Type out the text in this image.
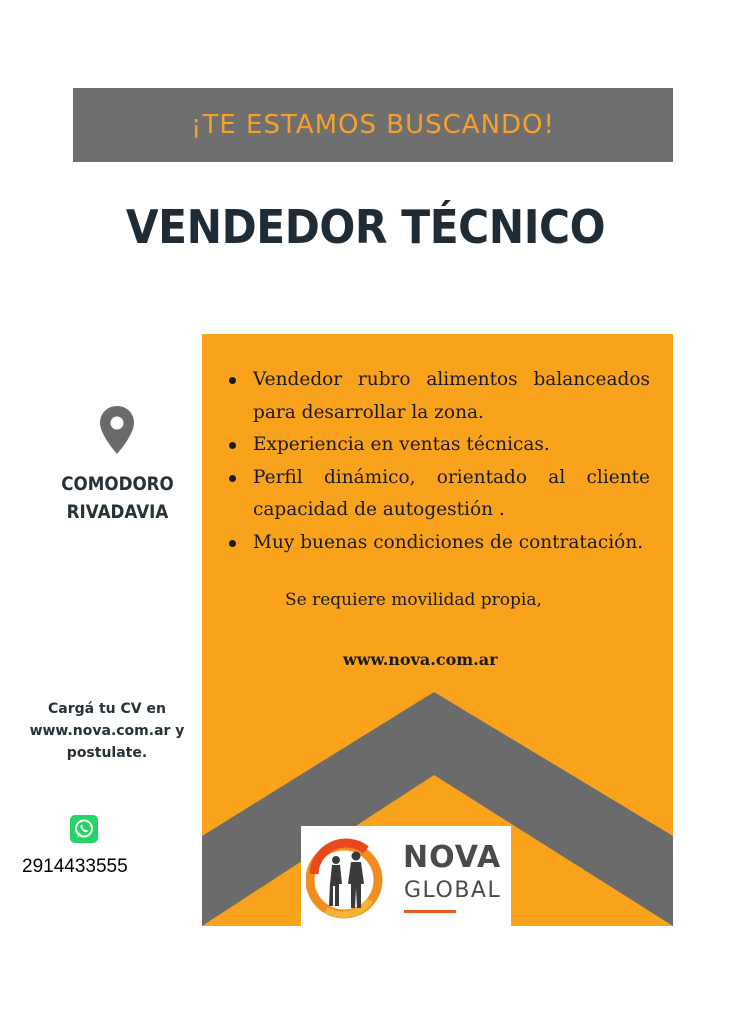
¡TE ESTAMOS BUSCANDO!
VENDEDOR TÉCNICO
COMODORO
RIVADAVIA
Cargá tu CV en
www.nova.com.ar y
postulate.
2914433555
Vendedor rubro alimentos balanceados para desarrollar la zona.
Experiencia en ventas técnicas.
Perfil dinámico, orientado al cliente capacidad de autogestión .
Muy buenas condiciones de contratación.
Se requiere movilidad propia,
www.nova.com.ar
NOVA
GLOBAL
